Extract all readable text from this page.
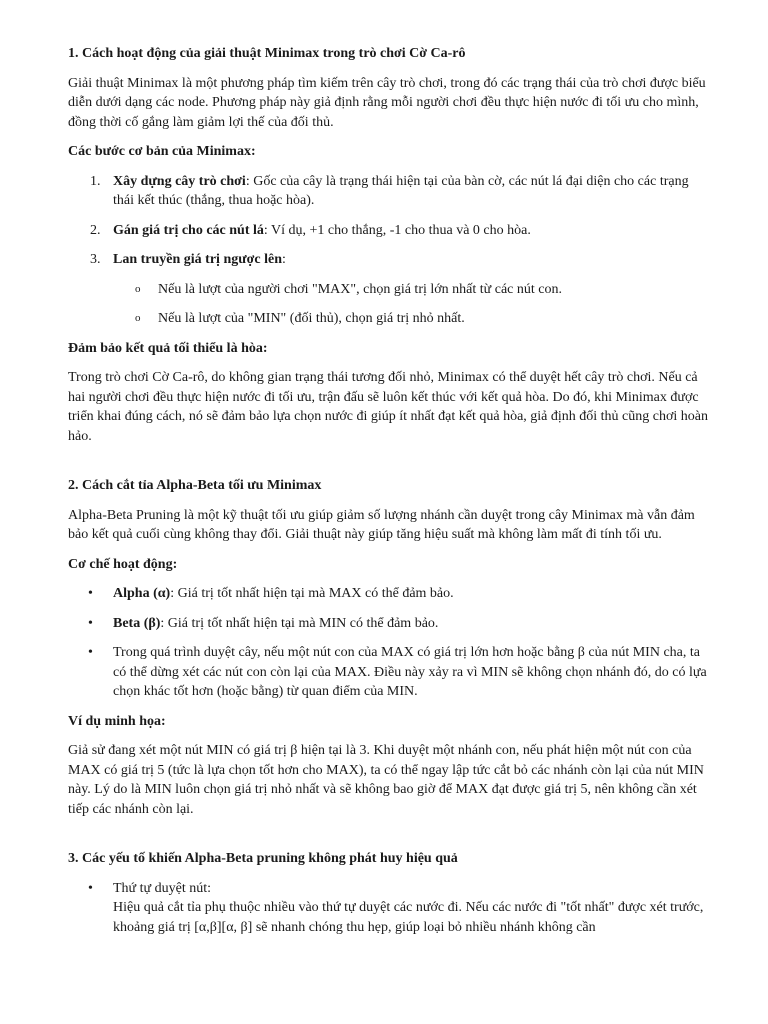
1. Cách hoạt động của giải thuật Minimax trong trò chơi Cờ Ca-rô

Giải thuật Minimax là một phương pháp tìm kiếm trên cây trò chơi, trong đó các trạng thái của trò chơi được biểu diễn dưới dạng các node. Phương pháp này giả định rằng mỗi người chơi đều thực hiện nước đi tối ưu cho mình, đồng thời cố gắng làm giảm lợi thế của đối thủ.

Các bước cơ bản của Minimax:

1. Xây dựng cây trò chơi: Gốc của cây là trạng thái hiện tại của bàn cờ, các nút lá đại diện cho các trạng thái kết thúc (thắng, thua hoặc hòa).
2. Gán giá trị cho các nút lá: Ví dụ, +1 cho thắng, -1 cho thua và 0 cho hòa.
3. Lan truyền giá trị ngược lên:
o Nếu là lượt của người chơi "MAX", chọn giá trị lớn nhất từ các nút con.
o Nếu là lượt của "MIN" (đối thủ), chọn giá trị nhỏ nhất.

Đảm bảo kết quả tối thiểu là hòa:

Trong trò chơi Cờ Ca-rô, do không gian trạng thái tương đối nhỏ, Minimax có thể duyệt hết cây trò chơi. Nếu cả hai người chơi đều thực hiện nước đi tối ưu, trận đấu sẽ luôn kết thúc với kết quả hòa. Do đó, khi Minimax được triển khai đúng cách, nó sẽ đảm bảo lựa chọn nước đi giúp ít nhất đạt kết quả hòa, giả định đối thủ cũng chơi hoàn hảo.

2. Cách cắt tỉa Alpha-Beta tối ưu Minimax

Alpha-Beta Pruning là một kỹ thuật tối ưu giúp giảm số lượng nhánh cần duyệt trong cây Minimax mà vẫn đảm bảo kết quả cuối cùng không thay đổi. Giải thuật này giúp tăng hiệu suất mà không làm mất đi tính tối ưu.

Cơ chế hoạt động:

• Alpha (α): Giá trị tốt nhất hiện tại mà MAX có thể đảm bảo.
• Beta (β): Giá trị tốt nhất hiện tại mà MIN có thể đảm bảo.
• Trong quá trình duyệt cây, nếu một nút con của MAX có giá trị lớn hơn hoặc bằng β của nút MIN cha, ta có thể dừng xét các nút con còn lại của MAX. Điều này xảy ra vì MIN sẽ không chọn nhánh đó, do có lựa chọn khác tốt hơn (hoặc bằng) từ quan điểm của MIN.

Ví dụ minh họa:

Giả sử đang xét một nút MIN có giá trị β hiện tại là 3. Khi duyệt một nhánh con, nếu phát hiện một nút con của MAX có giá trị 5 (tức là lựa chọn tốt hơn cho MAX), ta có thể ngay lập tức cắt bỏ các nhánh còn lại của nút MIN này. Lý do là MIN luôn chọn giá trị nhỏ nhất và sẽ không bao giờ để MAX đạt được giá trị 5, nên không cần xét tiếp các nhánh còn lại.

3. Các yếu tố khiến Alpha-Beta pruning không phát huy hiệu quả
• Thứ tự duyệt nút:
Hiệu quả cắt tỉa phụ thuộc nhiều vào thứ tự duyệt các nước đi. Nếu các nước đi "tốt nhất" được xét trước, khoảng giá trị [α,β][α, β] sẽ nhanh chóng thu hẹp, giúp loại bỏ nhiều nhánh không cần
